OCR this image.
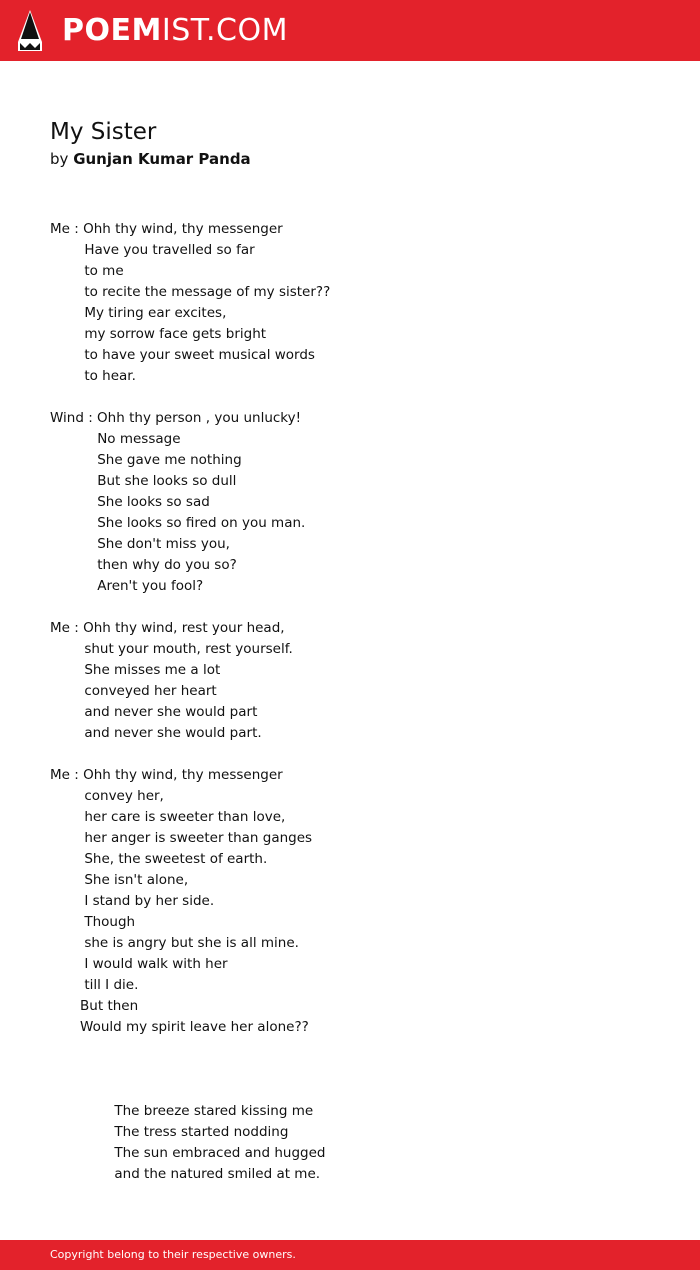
POEMIST.COM
My Sister
by Gunjan Kumar Panda
Me : Ohh thy wind, thy messenger
Have you travelled so far
to me
to recite the message of my sister??
My tiring ear excites,
my sorrow face gets bright
to have your sweet musical words
to hear.
Wind : Ohh thy person , you unlucky!
No message
She gave me nothing
But she looks so dull
She looks so sad
She looks so fired on you man.
She don't miss you,
then why do you so?
Aren't you fool?
Me : Ohh thy wind, rest your head,
shut your mouth, rest yourself.
She misses me a lot
conveyed her heart
and never she would part
and never she would part.
Me : Ohh thy wind, thy messenger
convey her,
her care is sweeter than love,
her anger is sweeter than ganges
She, the sweetest of earth.
She isn't alone,
I stand by her side.
Though
she is angry but she is all mine.
I would walk with her
till I die.
But then
Would my spirit leave her alone??
The breeze stared kissing me
The tress started nodding
The sun embraced and hugged
and the natured smiled at me.
Copyright belong to their respective owners.
